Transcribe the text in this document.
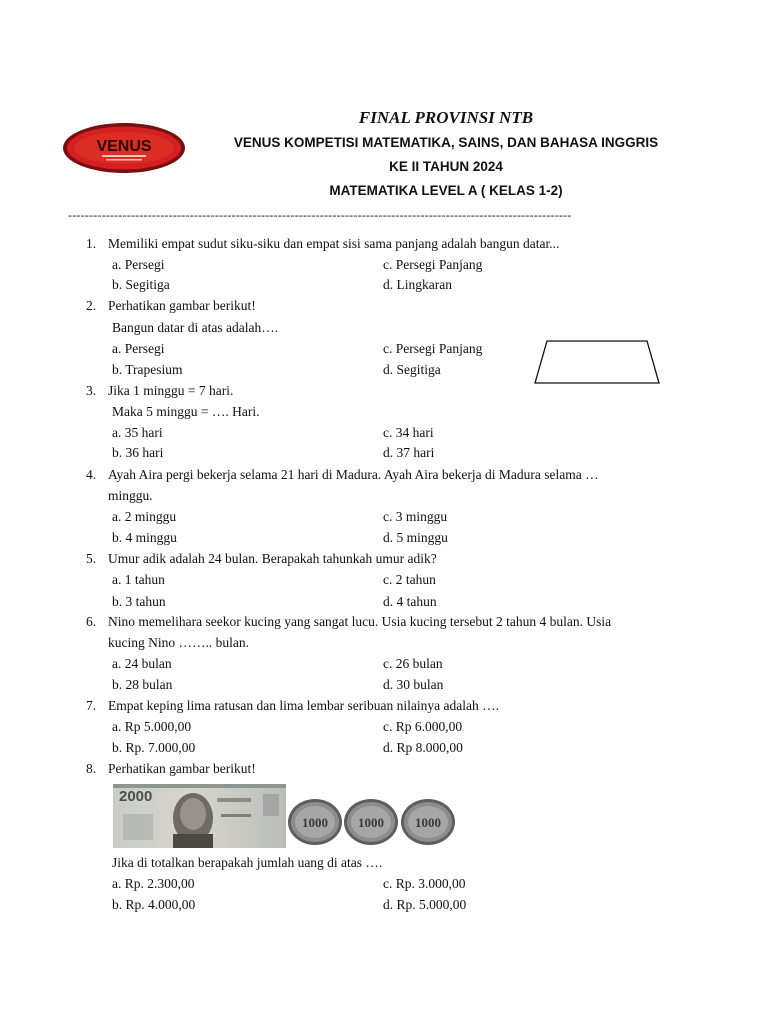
VENUS
FINAL PROVINSI NTB
VENUS KOMPETISI MATEMATIKA, SAINS, DAN BAHASA INGGRIS
KE II TAHUN 2024
MATEMATIKA LEVEL A ( KELAS 1-2)
------------------------------------------------------------------------------------------------------------------------
1. Memiliki empat sudut siku-siku dan empat sisi sama panjang adalah bangun datar...
a. Persegi	c. Persegi Panjang
b. Segitiga	d. Lingkaran
2. Perhatikan gambar berikut!
Bangun datar di atas adalah….
a. Persegi	c. Persegi Panjang
b. Trapesium	d. Segitiga
3. Jika 1 minggu = 7 hari.
Maka 5 minggu = …. Hari.
a. 35 hari	c. 34 hari
b. 36 hari	d. 37 hari
4. Ayah Aira pergi bekerja selama 21 hari di Madura. Ayah Aira bekerja di Madura selama …
minggu.
a. 2 minggu	c. 3 minggu
b. 4 minggu	d. 5 minggu
5. Umur adik adalah 24 bulan. Berapakah tahunkah umur adik?
a. 1 tahun	c. 2 tahun
b. 3 tahun	d. 4 tahun
6. Nino memelihara seekor kucing yang sangat lucu. Usia kucing tersebut 2 tahun 4 bulan. Usia
kucing Nino …….. bulan.
a. 24 bulan	c. 26 bulan
b. 28 bulan	d. 30 bulan
7. Empat keping lima ratusan dan lima lembar seribuan nilainya adalah ….
a. Rp 5.000,00	c. Rp 6.000,00
b. Rp. 7.000,00	d. Rp 8.000,00
8. Perhatikan gambar berikut!
2000
1000 1000 1000
Jika di totalkan berapakah jumlah uang di atas ….
a. Rp. 2.300,00	c. Rp. 3.000,00
b. Rp. 4.000,00	d. Rp. 5.000,00
